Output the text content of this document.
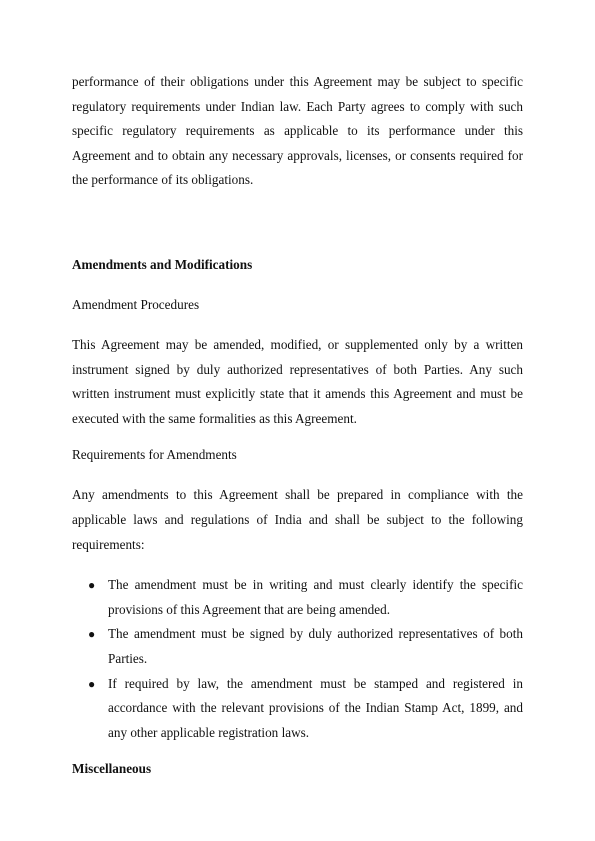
performance of their obligations under this Agreement may be subject to specific regulatory requirements under Indian law. Each Party agrees to comply with such specific regulatory requirements as applicable to its performance under this Agreement and to obtain any necessary approvals, licenses, or consents required for the performance of its obligations.

Amendments and Modifications

Amendment Procedures

This Agreement may be amended, modified, or supplemented only by a written instrument signed by duly authorized representatives of both Parties. Any such written instrument must explicitly state that it amends this Agreement and must be executed with the same formalities as this Agreement.

Requirements for Amendments

Any amendments to this Agreement shall be prepared in compliance with the applicable laws and regulations of India and shall be subject to the following requirements:

● The amendment must be in writing and must clearly identify the specific provisions of this Agreement that are being amended.
● The amendment must be signed by duly authorized representatives of both Parties.
● If required by law, the amendment must be stamped and registered in accordance with the relevant provisions of the Indian Stamp Act, 1899, and any other applicable registration laws.

Miscellaneous
